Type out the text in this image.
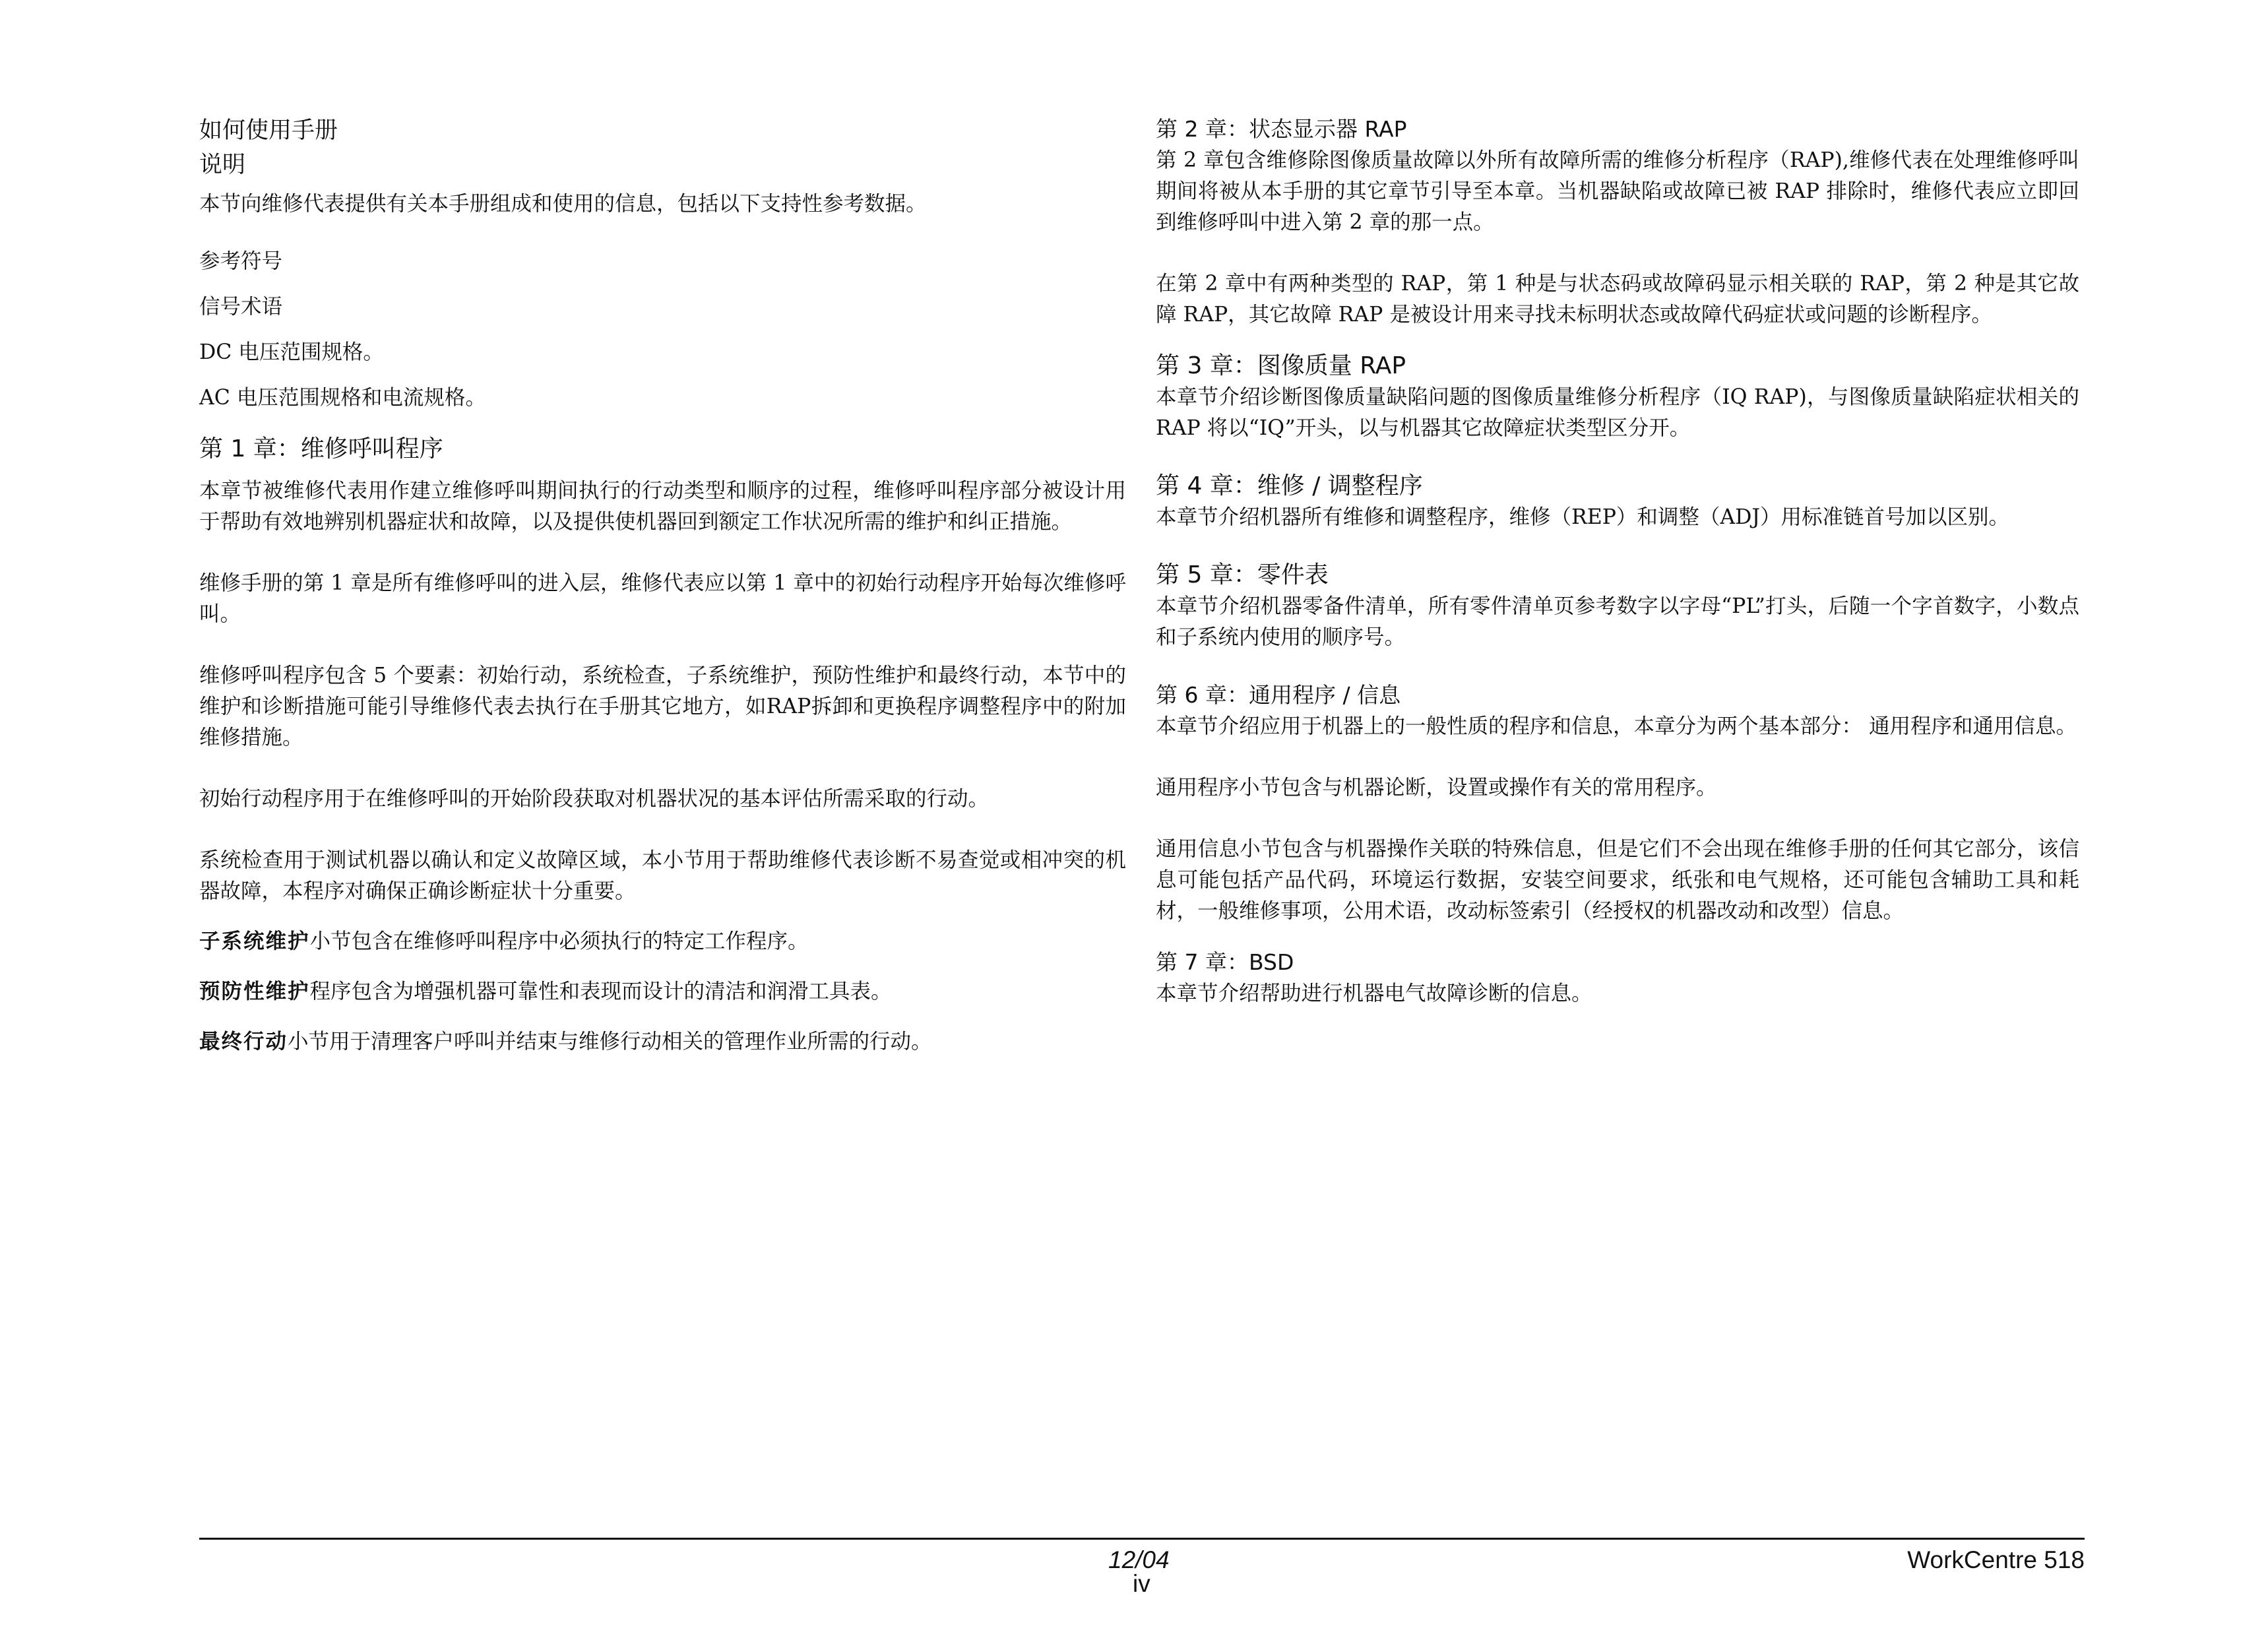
如何使用手册
说明

本节向维修代表提供有关本手册组成和使用的信息，包括以下支持性参考数据。

参考符号

信号术语

DC 电压范围规格。

AC 电压范围规格和电流规格。

第 1 章：维修呼叫程序

本章节被维修代表用作建立维修呼叫期间执行的行动类型和顺序的过程，维修呼叫程序部分被设计用于帮助有效地辨别机器症状和故障，以及提供使机器回到额定工作状况所需的维护和纠正措施。

维修手册的第 1 章是所有维修呼叫的进入层，维修代表应以第 1 章中的初始行动程序开始每次维修呼叫。

维修呼叫程序包含 5 个要素：初始行动，系统检查，子系统维护，预防性维护和最终行动，本节中的维护和诊断措施可能引导维修代表去执行在手册其它地方，如RAP拆卸和更换程序调整程序中的附加维修措施。

初始行动程序用于在维修呼叫的开始阶段获取对机器状况的基本评估所需采取的行动。

系统检查用于测试机器以确认和定义故障区域，本小节用于帮助维修代表诊断不易查觉或相冲突的机器故障，本程序对确保正确诊断症状十分重要。

子系统维护小节包含在维修呼叫程序中必须执行的特定工作程序。

预防性维护程序包含为增强机器可靠性和表现而设计的清洁和润滑工具表。

最终行动小节用于清理客户呼叫并结束与维修行动相关的管理作业所需的行动。

第 2 章：状态显示器 RAP

第 2 章包含维修除图像质量故障以外所有故障所需的维修分析程序（RAP),维修代表在处理维修呼叫期间将被从本手册的其它章节引导至本章。当机器缺陷或故障已被 RAP 排除时，维修代表应立即回到维修呼叫中进入第 2 章的那一点。

在第 2 章中有两种类型的 RAP，第 1 种是与状态码或故障码显示相关联的 RAP，第 2 种是其它故障 RAP，其它故障 RAP 是被设计用来寻找未标明状态或故障代码症状或问题的诊断程序。

第 3 章：图像质量 RAP

本章节介绍诊断图像质量缺陷问题的图像质量维修分析程序（IQ RAP)，与图像质量缺陷症状相关的 RAP 将以“IQ”开头，以与机器其它故障症状类型区分开。

第 4 章：维修 / 调整程序

本章节介绍机器所有维修和调整程序，维修（REP）和调整（ADJ）用标准链首号加以区别。

第 5 章：零件表

本章节介绍机器零备件清单，所有零件清单页参考数字以字母“PL”打头，后随一个字首数字，小数点和子系统内使用的顺序号。

第 6 章：通用程序 / 信息

本章节介绍应用于机器上的一般性质的程序和信息，本章分为两个基本部分： 通用程序和通用信息。

通用程序小节包含与机器论断，设置或操作有关的常用程序。

通用信息小节包含与机器操作关联的特殊信息，但是它们不会出现在维修手册的任何其它部分，该信息可能包括产品代码，环境运行数据，安装空间要求，纸张和电气规格，还可能包含辅助工具和耗材，一般维修事项，公用术语，改动标签索引（经授权的机器改动和改型）信息。

第 7 章：BSD

本章节介绍帮助进行机器电气故障诊断的信息。

12/04
iv
WorkCentre 518
